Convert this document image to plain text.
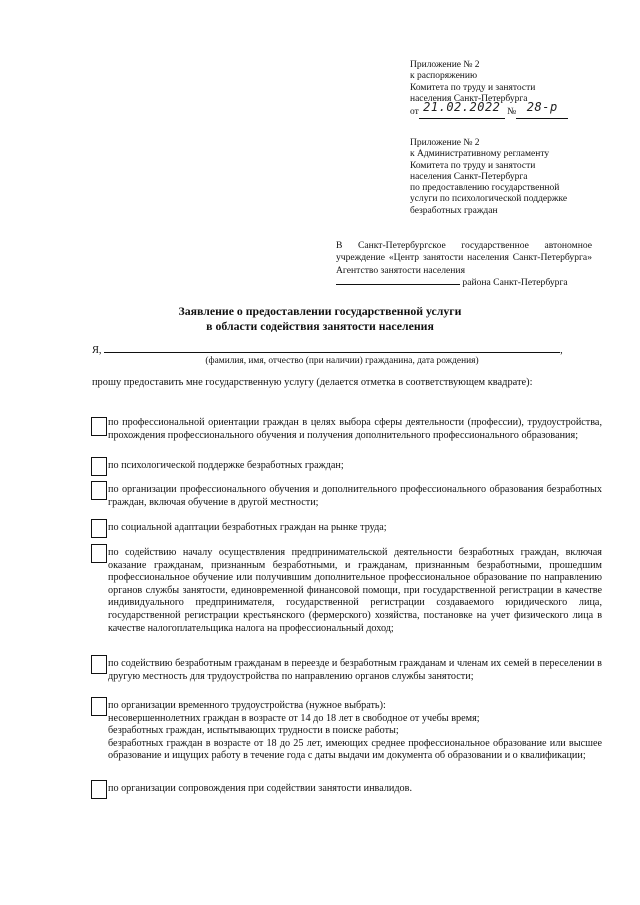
Приложение № 2
к распоряжению
Комитета по труду и занятости
населения Санкт-Петербурга
от 21.02.2022 № 28-р
Приложение № 2
к Административному регламенту
Комитета по труду и занятости
населения Санкт-Петербурга
по предоставлению государственной
услуги по психологической поддержке
безработных граждан
В Санкт-Петербургское государственное автономное учреждение «Центр занятости населения Санкт-Петербурга» Агентство занятости населения
района Санкт-Петербурга
Заявление о предоставлении государственной услуги
в области содействия занятости населения
Я,	,
(фамилия, имя, отчество (при наличии) гражданина, дата рождения)
прошу предоставить мне государственную услугу (делается отметка в соответствующем квадрате):
по профессиональной ориентации граждан в целях выбора сферы деятельности (профессии), трудоустройства, прохождения профессионального обучения и получения дополнительного профессионального образования;
по психологической поддержке безработных граждан;
по организации профессионального обучения и дополнительного профессионального образования безработных граждан, включая обучение в другой местности;
по социальной адаптации безработных граждан на рынке труда;
по содействию началу осуществления предпринимательской деятельности безработных граждан, включая оказание гражданам, признанным безработными, и гражданам, признанным безработными, прошедшим профессиональное обучение или получившим дополнительное профессиональное образование по направлению органов службы занятости, единовременной финансовой помощи, при государственной регистрации в качестве индивидуального предпринимателя, государственной регистрации создаваемого юридического лица, государственной регистрации крестьянского (фермерского) хозяйства, постановке на учет физического лица в качестве налогоплательщика налога на профессиональный доход;
по содействию безработным гражданам в переезде и безработным гражданам и членам их семей в переселении в другую местность для трудоустройства по направлению органов службы занятости;
по организации временного трудоустройства (нужное выбрать):
несовершеннолетних граждан в возрасте от 14 до 18 лет в свободное от учебы время;
безработных граждан, испытывающих трудности в поиске работы;
безработных граждан в возрасте от 18 до 25 лет, имеющих среднее профессиональное образование или высшее образование и ищущих работу в течение года с даты выдачи им документа об образовании и о квалификации;
по организации сопровождения при содействии занятости инвалидов.
